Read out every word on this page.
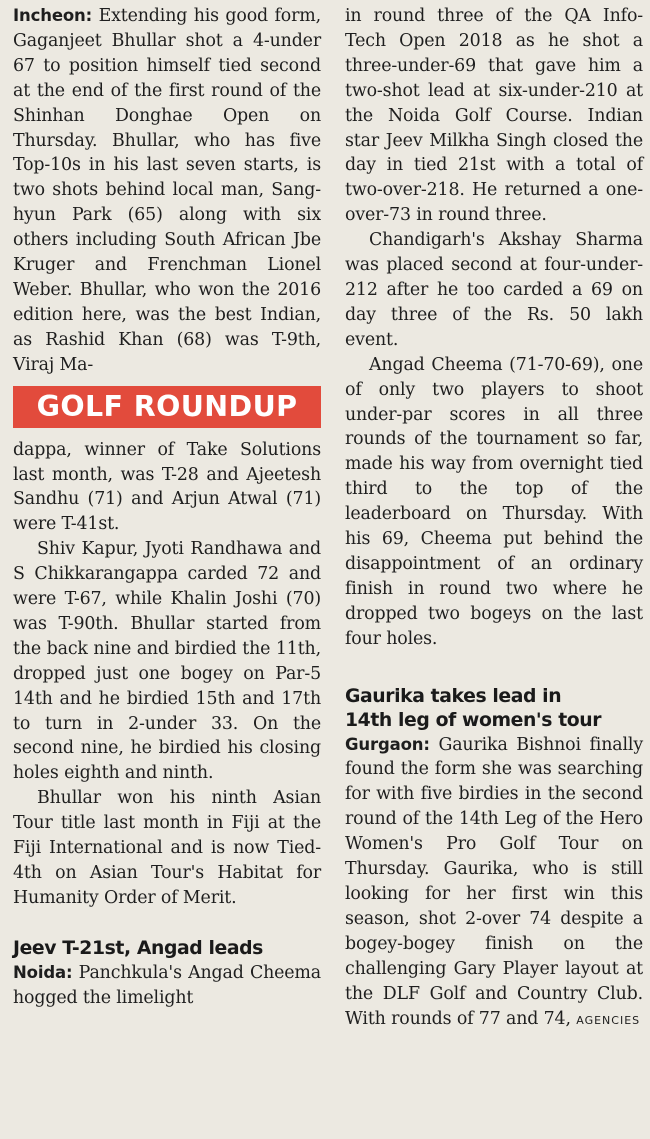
Incheon: Extending his good form, Gaganjeet Bhullar shot a 4-under 67 to position himself tied second at the end of the first round of the Shinhan Donghae Open on Thursday. Bhullar, who has five Top-10s in his last seven starts, is two shots behind local man, Sang-hyun Park (65) along with six others including South African Jbe Kruger and Frenchman Lionel Weber. Bhullar, who won the 2016 edition here, was the best Indian, as Rashid Khan (68) was T-9th, Viraj Ma-

GOLF ROUNDUP

dappa, winner of Take Solutions last month, was T-28 and Ajeetesh Sandhu (71) and Arjun Atwal (71) were T-41st.

Shiv Kapur, Jyoti Randhawa and S Chikkarangappa carded 72 and were T-67, while Khalin Joshi (70) was T-90th. Bhullar started from the back nine and birdied the 11th, dropped just one bogey on Par-5 14th and he birdied 15th and 17th to turn in 2-under 33. On the second nine, he birdied his closing holes eighth and ninth.

Bhullar won his ninth Asian Tour title last month in Fiji at the Fiji International and is now Tied-4th on Asian Tour's Habitat for Humanity Order of Merit.

Jeev T-21st, Angad leads

Noida: Panchkula's Angad Cheema hogged the limelight

in round three of the QA Info-Tech Open 2018 as he shot a three-under-69 that gave him a two-shot lead at six-under-210 at the Noida Golf Course. Indian star Jeev Milkha Singh closed the day in tied 21st with a total of two-over-218. He returned a one-over-73 in round three.

Chandigarh's Akshay Sharma was placed second at four-under-212 after he too carded a 69 on day three of the Rs. 50 lakh event.

Angad Cheema (71-70-69), one of only two players to shoot under-par scores in all three rounds of the tournament so far, made his way from overnight tied third to the top of the leaderboard on Thursday. With his 69, Cheema put behind the disappointment of an ordinary finish in round two where he dropped two bogeys on the last four holes.

Gaurika takes lead in
14th leg of women's tour

Gurgaon: Gaurika Bishnoi finally found the form she was searching for with five birdies in the second round of the 14th Leg of the Hero Women's Pro Golf Tour on Thursday. Gaurika, who is still looking for her first win this season, shot 2-over 74 despite a bogey-bogey finish on the challenging Gary Player layout at the DLF Golf and Country Club. With rounds of 77 and 74, AGENCIES
